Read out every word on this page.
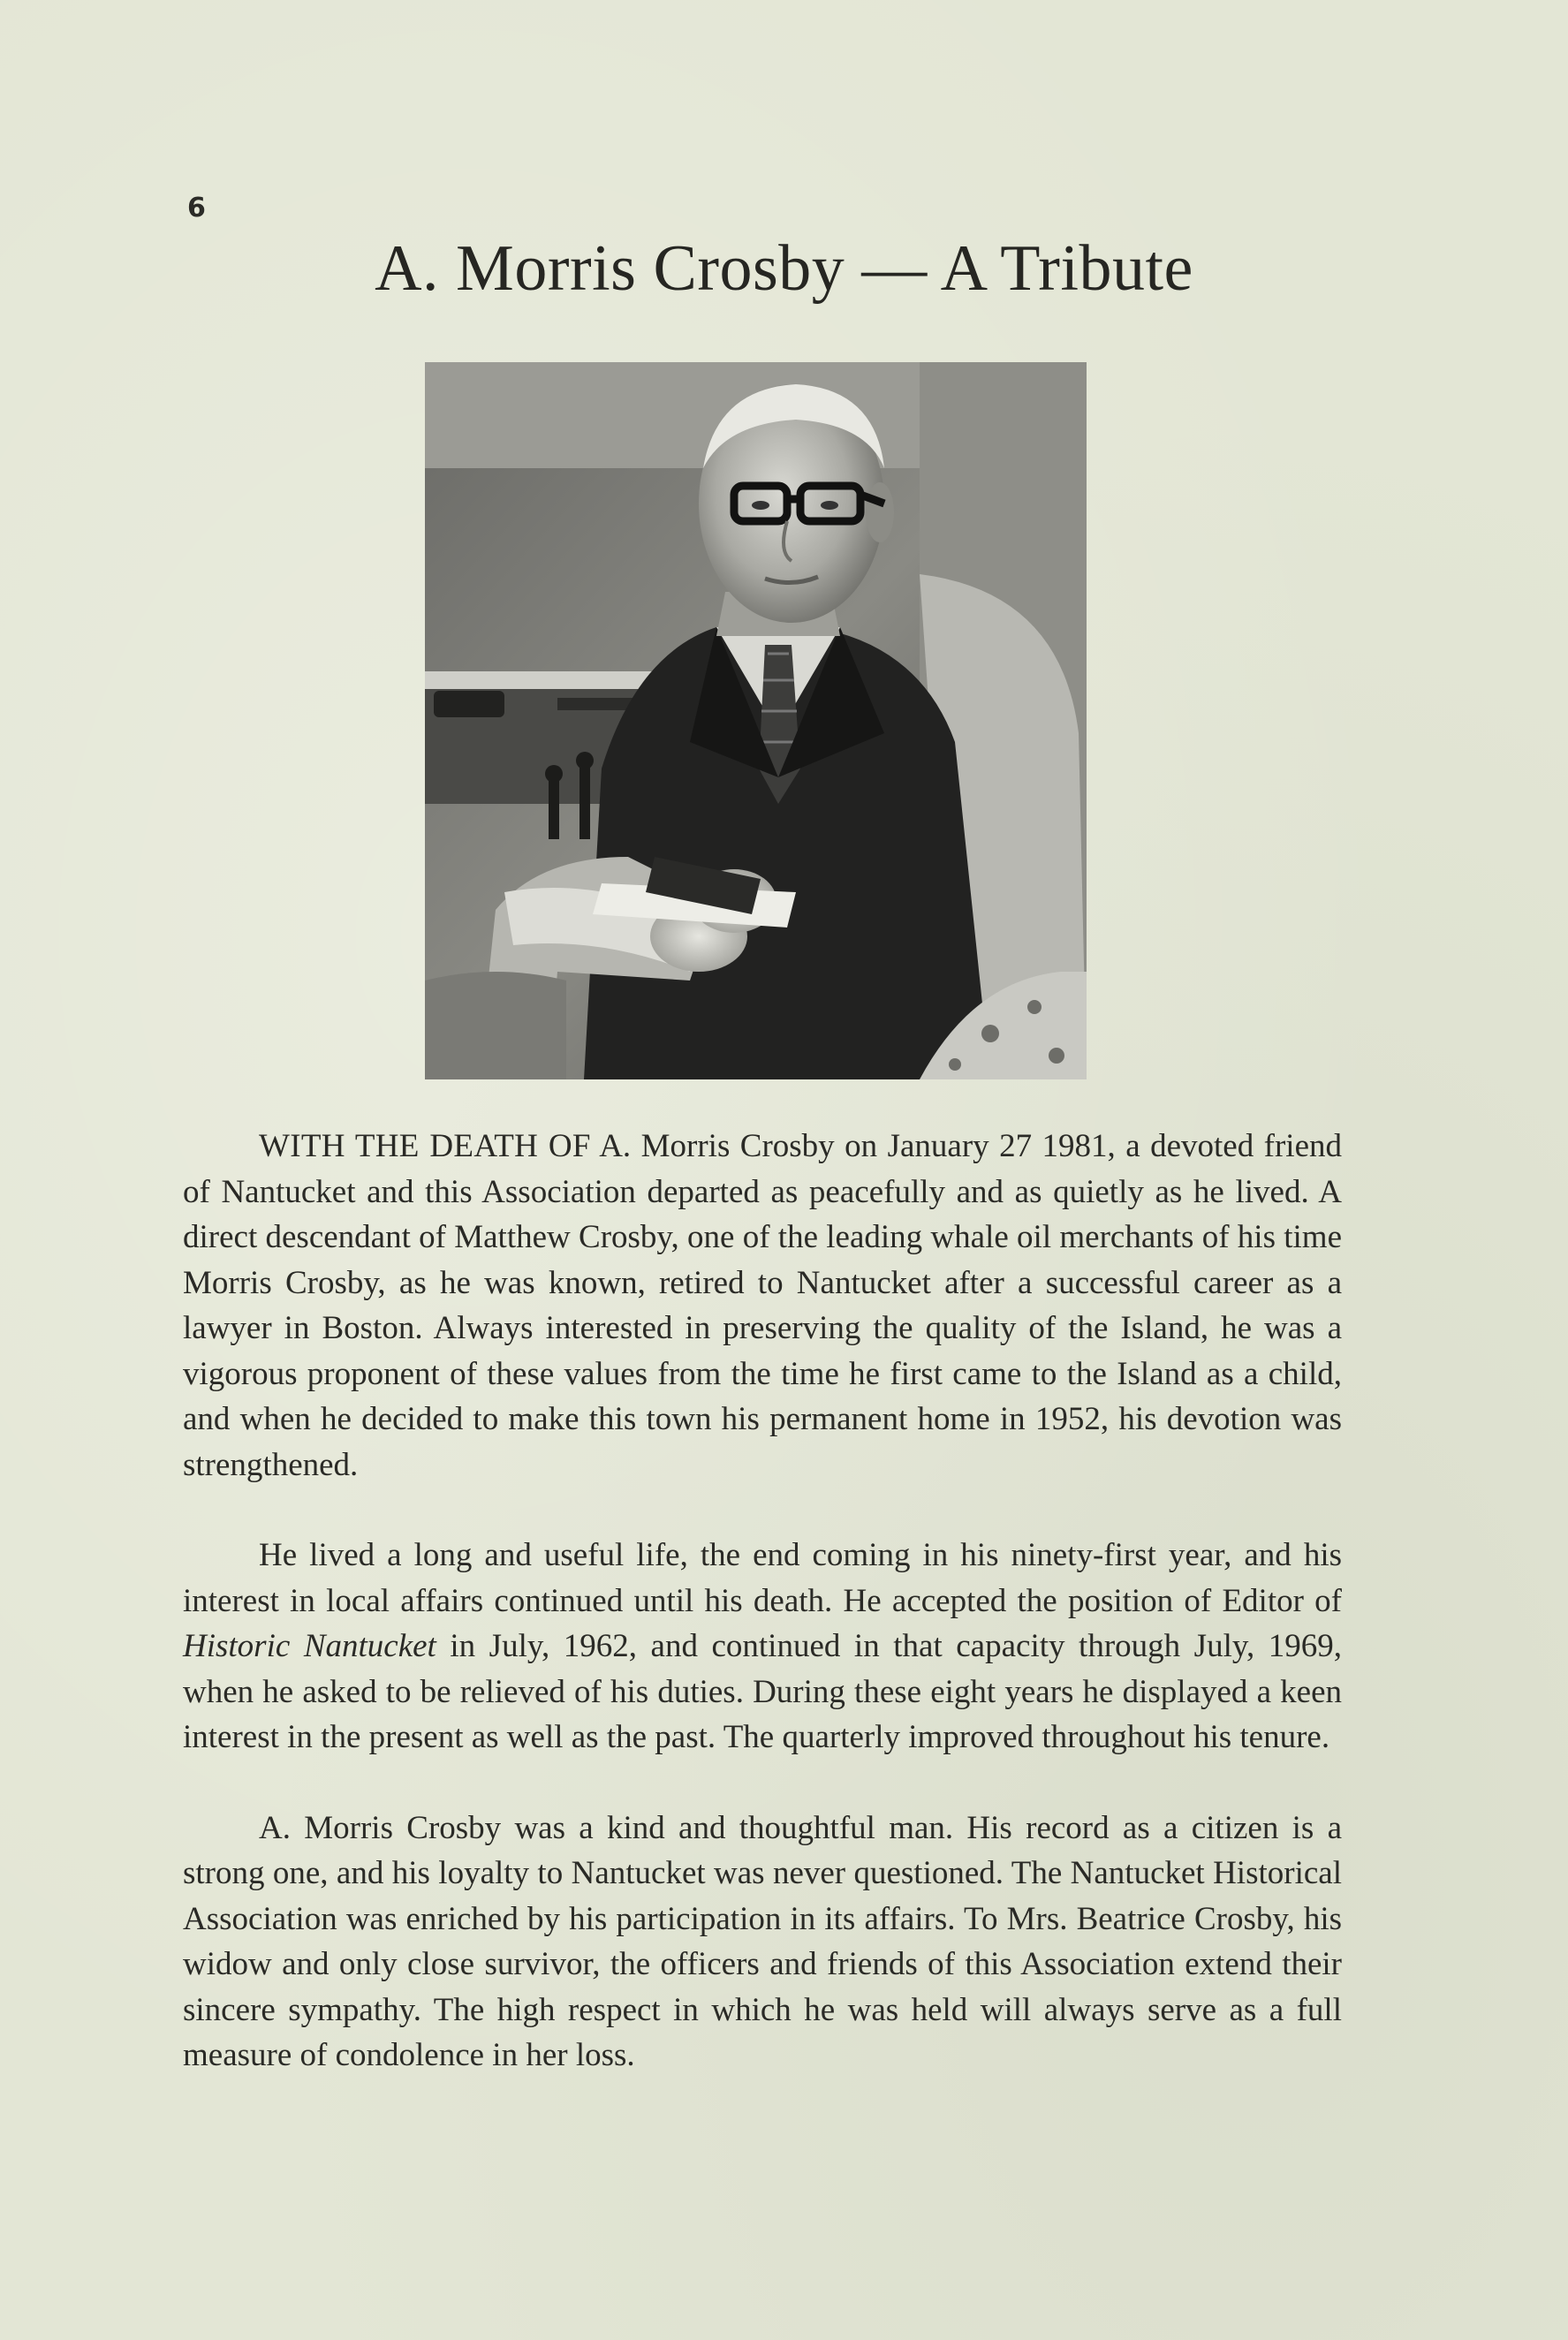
6
A. Morris Crosby — A Tribute

WITH THE DEATH OF A. Morris Crosby on January 27 1981, a devoted friend of Nantucket and this Association departed as peacefully and as quietly as he lived. A direct descendant of Matthew Crosby, one of the leading whale oil merchants of his time Morris Crosby, as he was known, retired to Nantucket after a successful career as a lawyer in Boston. Always interested in preserving the quality of the Island, he was a vigorous proponent of these values from the time he first came to the Island as a child, and when he decided to make this town his permanent home in 1952, his devotion was strengthened.

He lived a long and useful life, the end coming in his ninety-first year, and his interest in local affairs continued until his death. He accepted the position of Editor of Historic Nantucket in July, 1962, and continued in that capacity through July, 1969, when he asked to be relieved of his duties. During these eight years he displayed a keen interest in the present as well as the past. The quarterly improved throughout his tenure.

A. Morris Crosby was a kind and thoughtful man. His record as a citizen is a strong one, and his loyalty to Nantucket was never questioned. The Nantucket Historical Association was enriched by his participation in its affairs. To Mrs. Beatrice Crosby, his widow and only close survivor, the officers and friends of this Association extend their sincere sympathy. The high respect in which he was held will always serve as a full measure of condolence in her loss.
